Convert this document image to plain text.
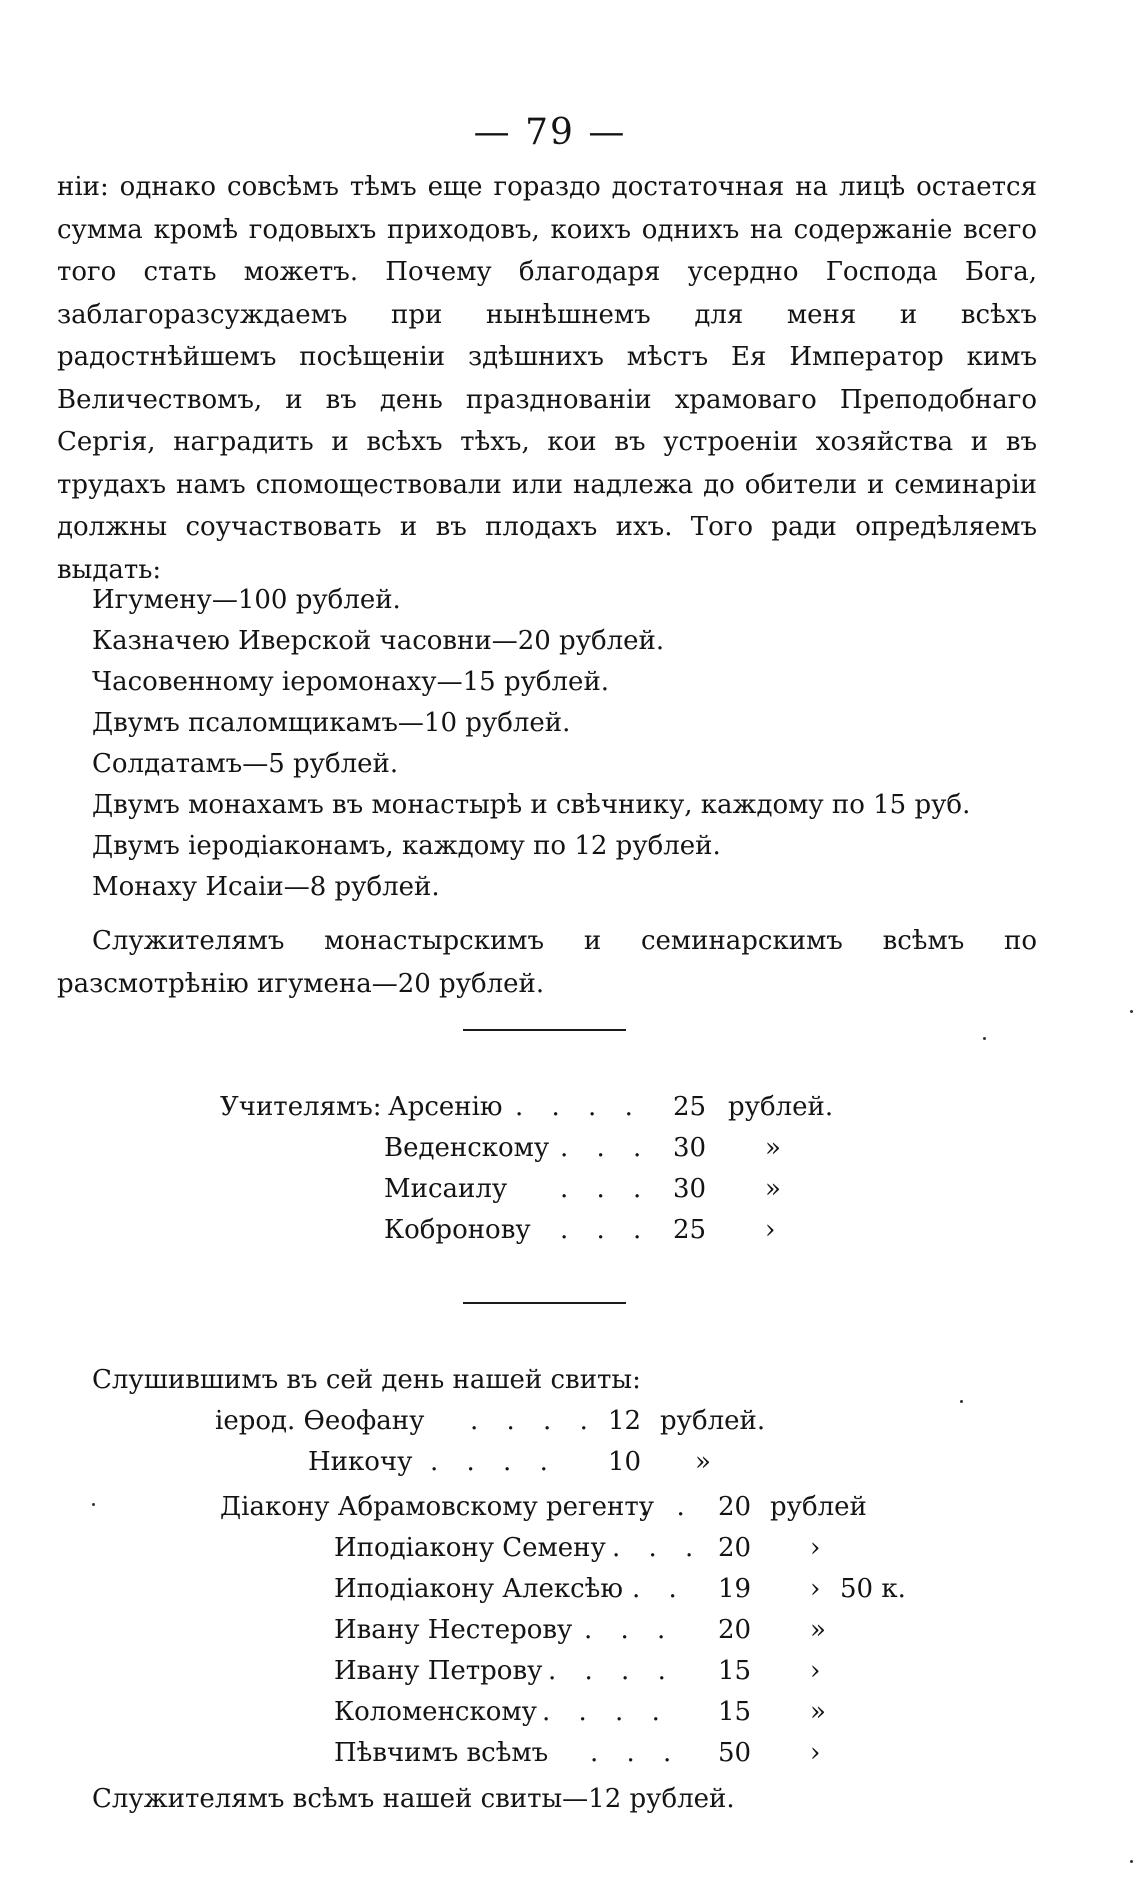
— 79 —
ніи: однако совсѣмъ тѣмъ еще гораздо достаточная на лицѣ остается сумма кромѣ годовыхъ приходовъ, коихъ однихъ на содержаніе всего того стать можетъ. Почему благодаря усердно Господа Бога, заблагоразсуждаемъ при нынѣшнемъ для меня и всѣхъ радостнѣйшемъ посѣщеніи здѣшнихъ мѣстъ Ея Император кимъ Величествомъ, и въ день празднованіи храмоваго Преподобнаго Сергія, наградить и всѣхъ тѣхъ, кои въ устроеніи хозяйства и въ трудахъ намъ спомоществовали или надлежа до обители и семинаріи должны соучаствовать и въ плодахъ ихъ. Того ради опредѣляемъ выдать:
Игумену—100 рублей.
Казначею Иверской часовни—20 рублей.
Часовенному іеромонаху—15 рублей.
Двумъ псаломщикамъ—10 рублей.
Солдатамъ—5 рублей.
Двумъ монахамъ въ монастырѣ и свѣчнику, каждому по 15 руб.
Двумъ іеродіаконамъ, каждому по 12 рублей.
Монаху Исаіи—8 рублей.
Служителямъ монастырскимъ и семинарскимъ всѣмъ по разсмотрѣнію игумена—20 рублей.
Учителямъ: Арсенію . . . . 25 рублей.
Веденскому . . . 30 »
Мисаилу . . . 30 »
Кобронову . . . 25 ›
Слушившимъ въ сей день нашей свиты:
іерод. Ѳеофану . . . . 12 рублей.
Никочу . . . . 10 »
Діакону Абрамовскому регенту
. . 20 рублей
Иподіакону Семену . . . 20 ›
Иподіакону Алексѣю . . 19 › 50 к.
Ивану Нестерову . . . 20 »
Ивану Петрову . . . . 15 ›
Коломенскому . . . . 15 »
Пѣвчимъ всѣмъ . . . 50 ›
Служителямъ всѣмъ нашей свиты—12 рублей.
